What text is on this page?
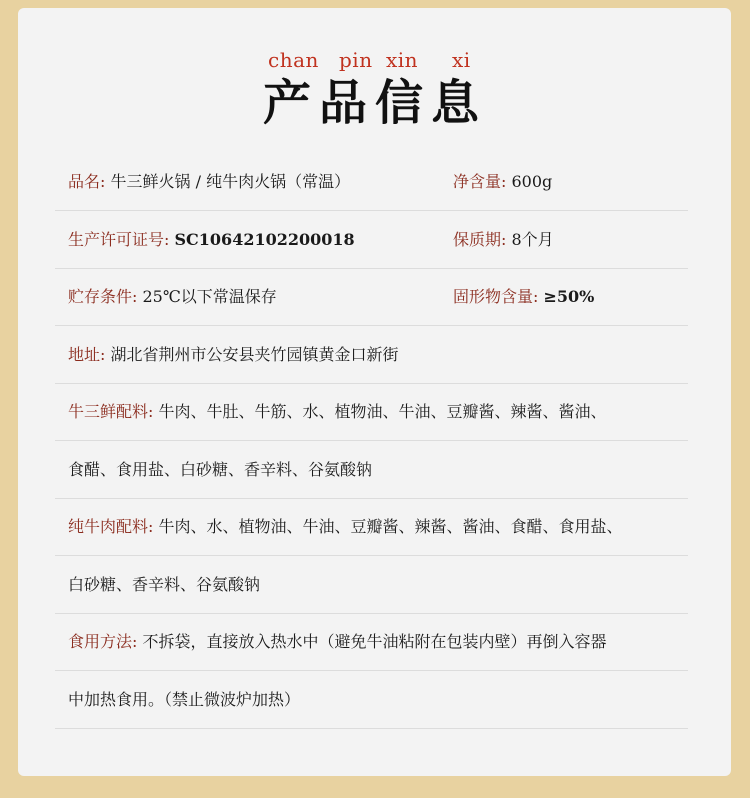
chan pin xin xi
产品信息
品名: 牛三鲜火锅 / 纯牛肉火锅（常温）	净含量: 600g
生产许可证号: SC10642102200018	保质期: 8个月
贮存条件: 25℃以下常温保存	固形物含量: ≥50%
地址: 湖北省荆州市公安县夹竹园镇黄金口新街
牛三鲜配料: 牛肉、牛肚、牛筋、水、植物油、牛油、豆瓣酱、辣酱、酱油、
食醋、食用盐、白砂糖、香辛料、谷氨酸钠
纯牛肉配料: 牛肉、水、植物油、牛油、豆瓣酱、辣酱、酱油、食醋、食用盐、
白砂糖、香辛料、谷氨酸钠
食用方法: 不拆袋，直接放入热水中（避免牛油粘附在包装内壁）再倒入容器
中加热食用。（禁止微波炉加热）
